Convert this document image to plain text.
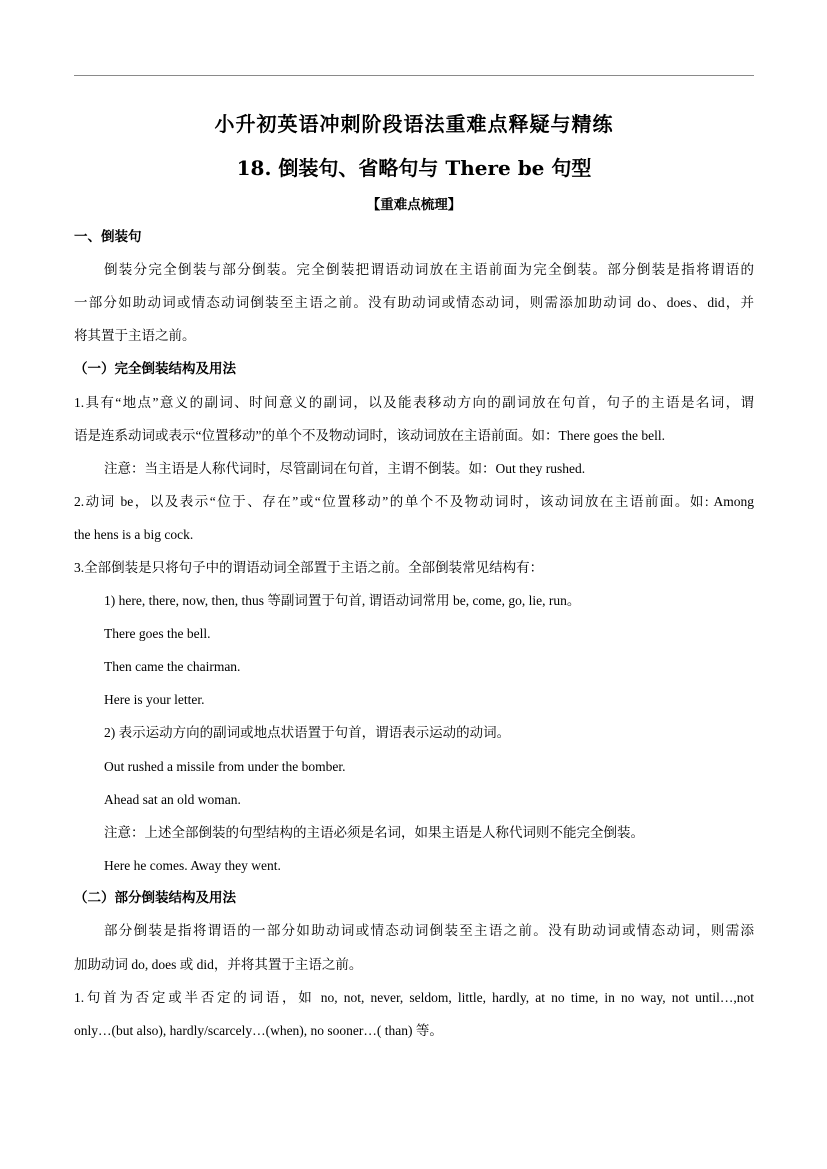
小升初英语冲刺阶段语法重难点释疑与精练
18. 倒装句、省略句与 There be 句型
【重难点梳理】
一、倒装句
倒装分完全倒装与部分倒装。完全倒装把谓语动词放在主语前面为完全倒装。部分倒装是指将谓语的
一部分如助动词或情态动词倒装至主语之前。没有助动词或情态动词，则需添加助动词 do、does、did，并
将其置于主语之前。
（一）完全倒装结构及用法
1.具有“地点”意义的副词、时间意义的副词，以及能表移动方向的副词放在句首，句子的主语是名词，谓
语是连系动词或表示“位置移动”的单个不及物动词时，该动词放在主语前面。如：There goes the bell.
注意：当主语是人称代词时，尽管副词在句首，主谓不倒装。如：Out they rushed.
2.动词 be，以及表示“位于、存在”或“位置移动”的单个不及物动词时，该动词放在主语前面。如: Among
the hens is a big cock.
3.全部倒装是只将句子中的谓语动词全部置于主语之前。全部倒装常见结构有：
1) here, there, now, then, thus 等副词置于句首, 谓语动词常用 be, come, go, lie, run。
There goes the bell.
Then came the chairman.
Here is your letter.
2) 表示运动方向的副词或地点状语置于句首，谓语表示运动的动词。
Out rushed a missile from under the bomber.
Ahead sat an old woman.
注意：上述全部倒装的句型结构的主语必须是名词，如果主语是人称代词则不能完全倒装。
Here he comes. Away they went.
（二）部分倒装结构及用法
部分倒装是指将谓语的一部分如助动词或情态动词倒装至主语之前。没有助动词或情态动词，则需添
加助动词 do, does 或 did，并将其置于主语之前。
1.句首为否定或半否定的词语，如 no, not, never, seldom, little, hardly, at no time, in no way, not until…,not
only…(but also), hardly/scarcely…(when), no sooner…( than) 等。
